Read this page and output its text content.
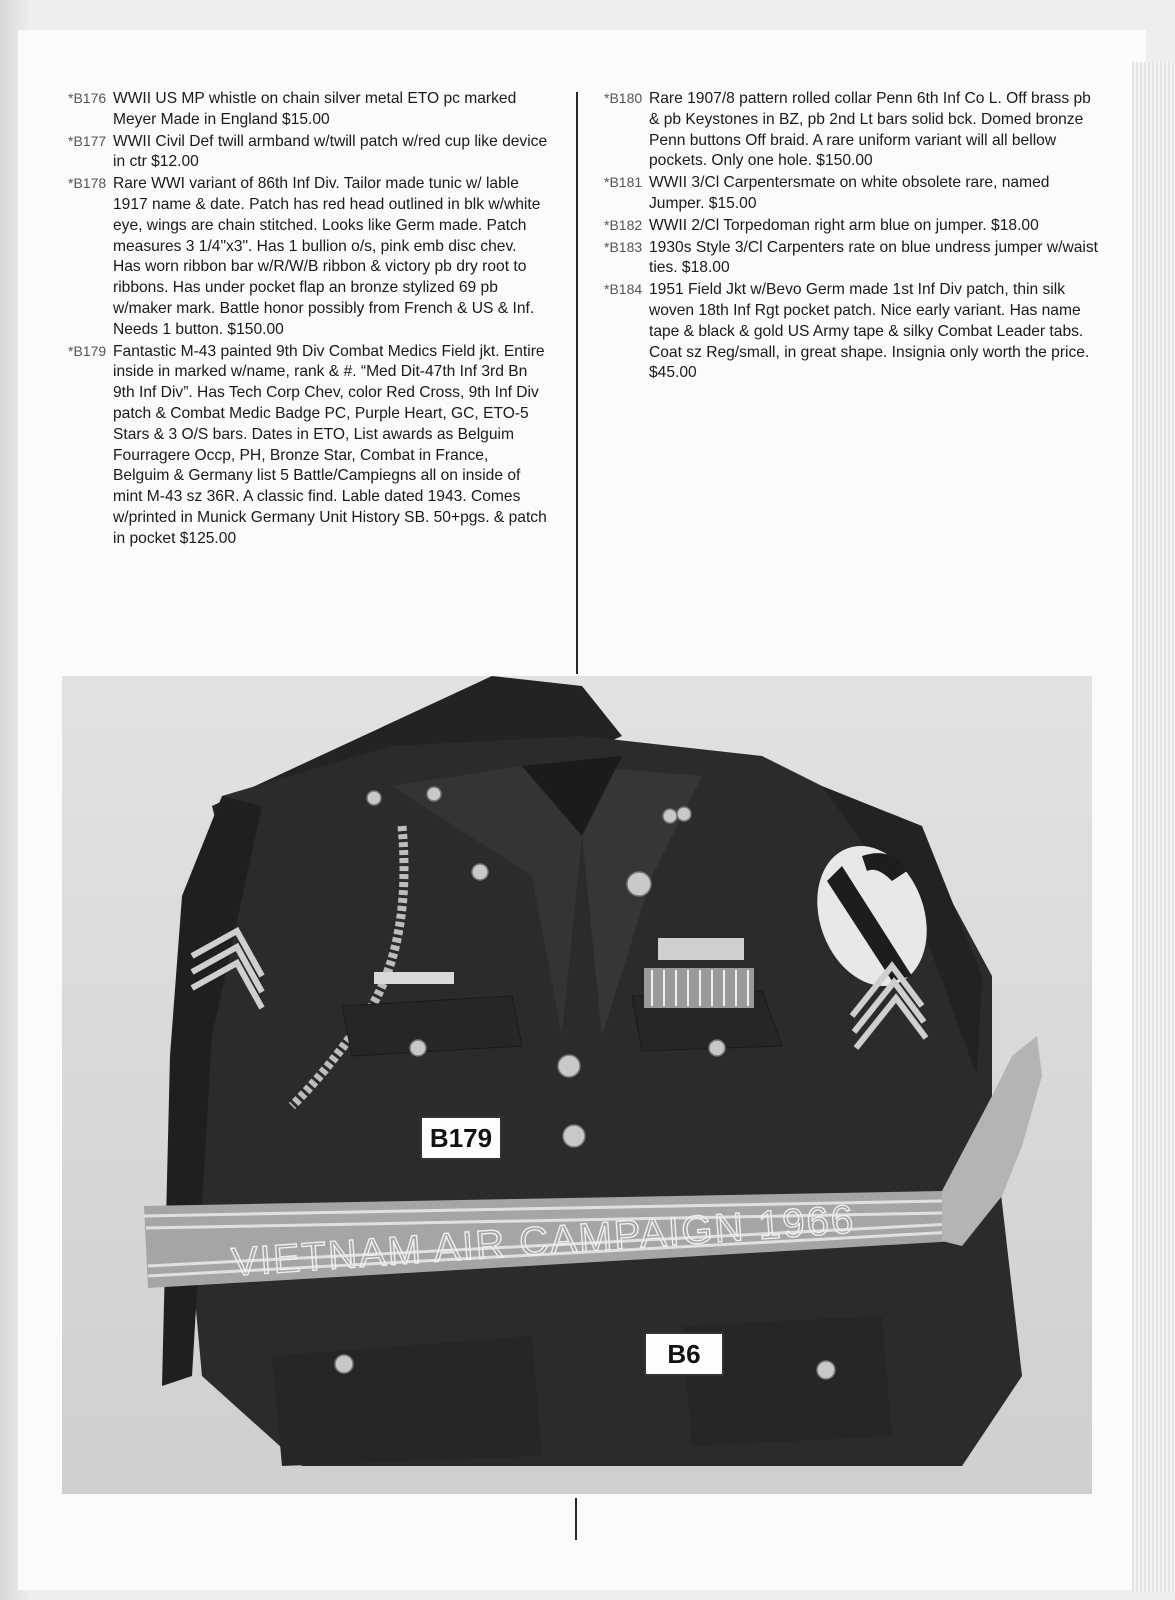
*B176 WWII US MP whistle on chain silver metal ETO pc marked Meyer Made in England $15.00

*B177 WWII Civil Def twill armband w/twill patch w/red cup like device in ctr $12.00

*B178 Rare WWI variant of 86th Inf Div. Tailor made tunic w/ lable 1917 name & date. Patch has red head outlined in blk w/white eye, wings are chain stitched. Looks like Germ made. Patch measures 3 1/4"x3". Has 1 bullion o/s, pink emb disc chev. Has worn ribbon bar w/R/W/B ribbon & victory pb dry root to ribbons. Has under pocket flap an bronze stylized 69 pb w/maker mark. Battle honor possibly from French & US & Inf. Needs 1 button. $150.00

*B179 Fantastic M-43 painted 9th Div Combat Medics Field jkt. Entire inside in marked w/name, rank & #. “Med Dit-47th Inf 3rd Bn 9th Inf Div”. Has Tech Corp Chev, color Red Cross, 9th Inf Div patch & Combat Medic Badge PC, Purple Heart, GC, ETO-5 Stars & 3 O/S bars. Dates in ETO, List awards as Belguim Fourragere Occp, PH, Bronze Star, Combat in France, Belguim & Germany list 5 Battle/Campiegns all on inside of mint M-43 sz 36R. A classic find. Lable dated 1943. Comes w/printed in Munick Germany Unit History SB. 50+pgs. & patch in pocket $125.00

*B180 Rare 1907/8 pattern rolled collar Penn 6th Inf Co L. Off brass pb & pb Keystones in BZ, pb 2nd Lt bars solid bck. Domed bronze Penn buttons Off braid. A rare uniform variant will all bellow pockets. Only one hole. $150.00

*B181 WWII 3/Cl Carpentersmate on white obsolete rare, named Jumper. $15.00

*B182 WWII 2/Cl Torpedoman right arm blue on jumper. $18.00

*B183 1930s Style 3/Cl Carpenters rate on blue undress jumper w/waist ties. $18.00

*B184 1951 Field Jkt w/Bevo Germ made 1st Inf Div patch, thin silk woven 18th Inf Rgt pocket patch. Nice early variant. Has name tape & black & gold US Army tape & silky Combat Leader tabs. Coat sz Reg/small, in great shape. Insignia only worth the price. $45.00

VIETNAM AIR CAMPAIGN 1966
B179
B6
